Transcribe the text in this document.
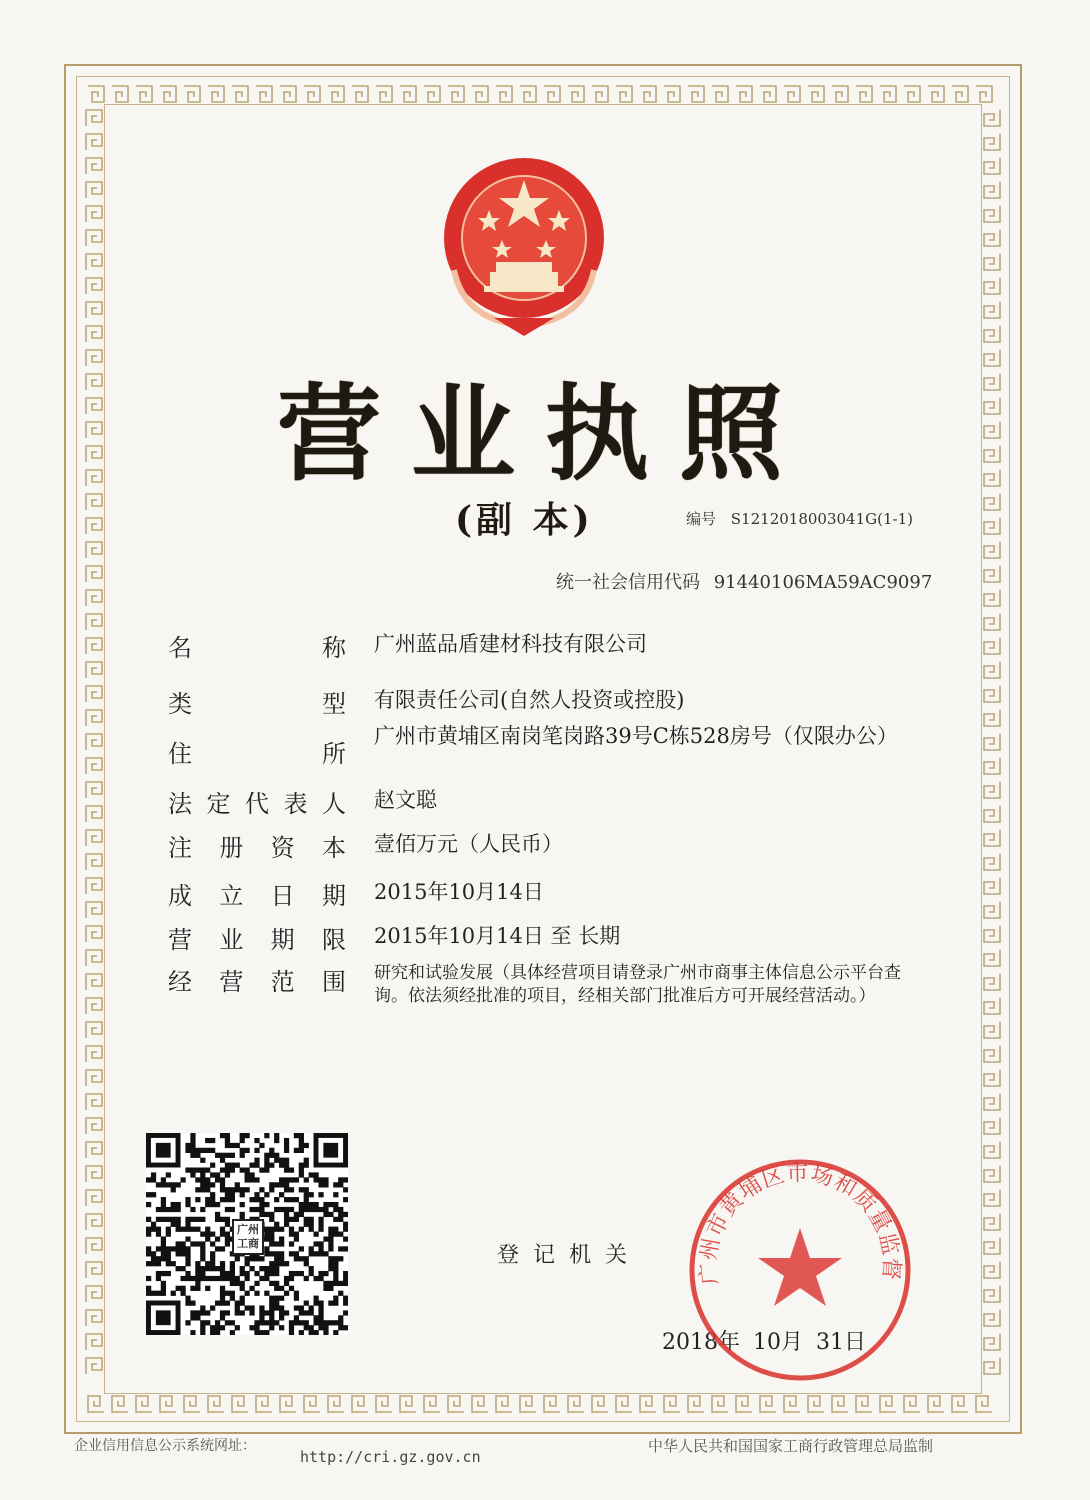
营业执照
(副 本)	编号 S1212018003041G(1-1)
统一社会信用代码 91440106MA59AC9097
名	称 广州蓝品盾建材科技有限公司
类	型 有限责任公司(自然人投资或控股)
住	所
广州市黄埔区南岗笔岗路39号C栋528房号（仅限办公）
法 定 代 表 人 赵文聪
注 册 资 本 壹佰万元（人民币）
成 立 日 期 2015年10月14日
营 业 期 限 2015年10月14日 至 长期
经 营 范 围 研究和试验发展（具体经营项目请登录广州市商事主体信息公示平台查询。依法须经批准的项目，经相关部门批准后方可开展经营活动。）
广州
工商	登记机关
2018年 10月 31日
广州市黄埔区市场和质量监督
企业信用信息公示系统网址：
http://cri.gz.gov.cn
中华人民共和国国家工商行政管理总局监制
